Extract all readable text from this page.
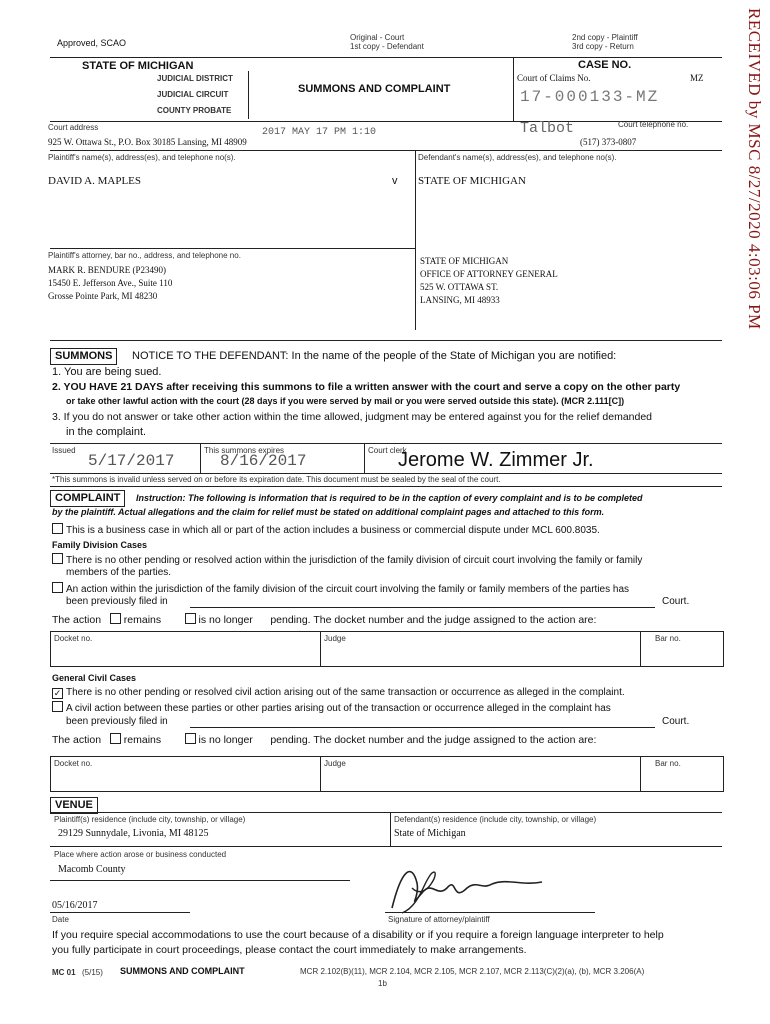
RECEIVED by MSC 8/27/2020 4:03:06 PM
Approved, SCAO
Original - Court
1st copy - Defendant
2nd copy - Plaintiff
3rd copy - Return
STATE OF MICHIGAN
JUDICIAL DISTRICT
JUDICIAL CIRCUIT
COUNTY PROBATE
SUMMONS AND COMPLAINT
CASE NO.
Court of Claims No.	MZ
17-000133-MZ
Court address
925 W. Ottawa St., P.O. Box 30185 Lansing, MI 48909
2017 MAY 17 PM 1:10	Talbot	Court telephone no.
(517) 373-0807
Plaintiff's name(s), address(es), and telephone no(s).
DAVID A. MAPLES	v
Defendant's name(s), address(es), and telephone no(s).
STATE OF MICHIGAN
Plaintiff's attorney, bar no., address, and telephone no.
MARK R. BENDURE (P23490)
15450 E. Jefferson Ave., Suite 110
Grosse Pointe Park, MI 48230
STATE OF MICHIGAN
OFFICE OF ATTORNEY GENERAL
525 W. OTTAWA ST.
LANSING, MI 48933
SUMMONS	NOTICE TO THE DEFENDANT: In the name of the people of the State of Michigan you are notified:
1. You are being sued.
2. YOU HAVE 21 DAYS after receiving this summons to file a written answer with the court and serve a copy on the other party
or take other lawful action with the court (28 days if you were served by mail or you were served outside this state). (MCR 2.111[C])
3. If you do not answer or take other action within the time allowed, judgment may be entered against you for the relief demanded
in the complaint.
Issued
5/17/2017
This summons expires
8/16/2017
Court clerk
Jerome W. Zimmer Jr.
*This summons is invalid unless served on or before its expiration date. This document must be sealed by the seal of the court.
COMPLAINT	Instruction: The following is information that is required to be in the caption of every complaint and is to be completed
by the plaintiff. Actual allegations and the claim for relief must be stated on additional complaint pages and attached to this form.
This is a business case in which all or part of the action includes a business or commercial dispute under MCL 600.8035.
Family Division Cases
There is no other pending or resolved action within the jurisdiction of the family division of circuit court involving the family or family
members of the parties.
An action within the jurisdiction of the family division of the circuit court involving the family or family members of the parties has
been previously filed in	Court.
The action remains	is no longer pending. The docket number and the judge assigned to the action are:
Docket no.	Judge	Bar no.
General Civil Cases
✓ There is no other pending or resolved civil action arising out of the same transaction or occurrence as alleged in the complaint.
A civil action between these parties or other parties arising out of the transaction or occurrence alleged in the complaint has
been previously filed in	Court.
The action remains	is no longer pending. The docket number and the judge assigned to the action are:
Docket no.	Judge	Bar no.
VENUE
Plaintiff(s) residence (include city, township, or village)
29129 Sunnydale, Livonia, MI 48125
Defendant(s) residence (include city, township, or village)
State of Michigan
Place where action arose or business conducted
Macomb County
05/16/2017
Date	Signature of attorney/plaintiff
If you require special accommodations to use the court because of a disability or if you require a foreign language interpreter to help
you fully participate in court proceedings, please contact the court immediately to make arrangements.
MC 01 (5/15) SUMMONS AND COMPLAINT	MCR 2.102(B)(11), MCR 2.104, MCR 2.105, MCR 2.107, MCR 2.113(C)(2)(a), (b), MCR 3.206(A)
1b
